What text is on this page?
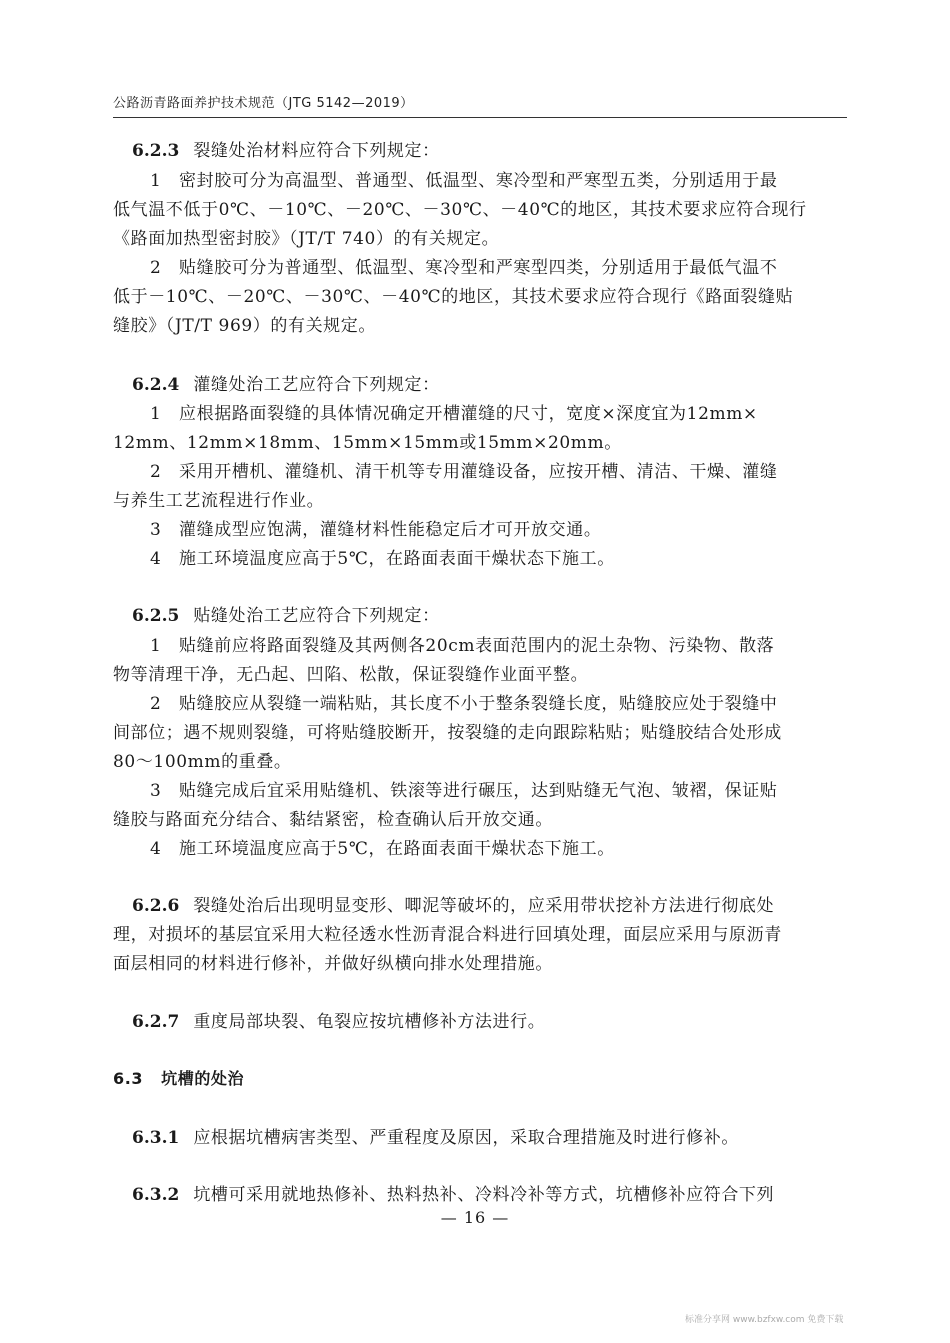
公路沥青路面养护技术规范（JTG 5142—2019）
6.2.3 裂缝处治材料应符合下列规定：
1　密封胶可分为高温型、普通型、低温型、寒冷型和严寒型五类，分别适用于最
低气温不低于0℃、－10℃、－20℃、－30℃、－40℃的地区，其技术要求应符合现行
《路面加热型密封胶》（JT/T 740）的有关规定。
2　贴缝胶可分为普通型、低温型、寒冷型和严寒型四类，分别适用于最低气温不
低于－10℃、－20℃、－30℃、－40℃的地区，其技术要求应符合现行《路面裂缝贴
缝胶》（JT/T 969）的有关规定。
6.2.4 灌缝处治工艺应符合下列规定：
1　应根据路面裂缝的具体情况确定开槽灌缝的尺寸，宽度×深度宜为12mm×
12mm、12mm×18mm、15mm×15mm或15mm×20mm。
2　采用开槽机、灌缝机、清干机等专用灌缝设备，应按开槽、清洁、干燥、灌缝
与养生工艺流程进行作业。
3　灌缝成型应饱满，灌缝材料性能稳定后才可开放交通。
4　施工环境温度应高于5℃，在路面表面干燥状态下施工。
6.2.5 贴缝处治工艺应符合下列规定：
1　贴缝前应将路面裂缝及其两侧各20cm表面范围内的泥土杂物、污染物、散落
物等清理干净，无凸起、凹陷、松散，保证裂缝作业面平整。
2　贴缝胶应从裂缝一端粘贴，其长度不小于整条裂缝长度，贴缝胶应处于裂缝中
间部位；遇不规则裂缝，可将贴缝胶断开，按裂缝的走向跟踪粘贴；贴缝胶结合处形成
80～100mm的重叠。
3　贴缝完成后宜采用贴缝机、铁滚等进行碾压，达到贴缝无气泡、皱褶，保证贴
缝胶与路面充分结合、黏结紧密，检查确认后开放交通。
4　施工环境温度应高于5℃，在路面表面干燥状态下施工。
6.2.6 裂缝处治后出现明显变形、唧泥等破坏的，应采用带状挖补方法进行彻底处
理，对损坏的基层宜采用大粒径透水性沥青混合料进行回填处理，面层应采用与原沥青
面层相同的材料进行修补，并做好纵横向排水处理措施。
6.2.7 重度局部块裂、龟裂应按坑槽修补方法进行。
6.3 坑槽的处治
6.3.1 应根据坑槽病害类型、严重程度及原因，采取合理措施及时进行修补。
6.3.2 坑槽可采用就地热修补、热料热补、冷料冷补等方式，坑槽修补应符合下列
— 16 —
标准分享网 www.bzfxw.com 免费下载
